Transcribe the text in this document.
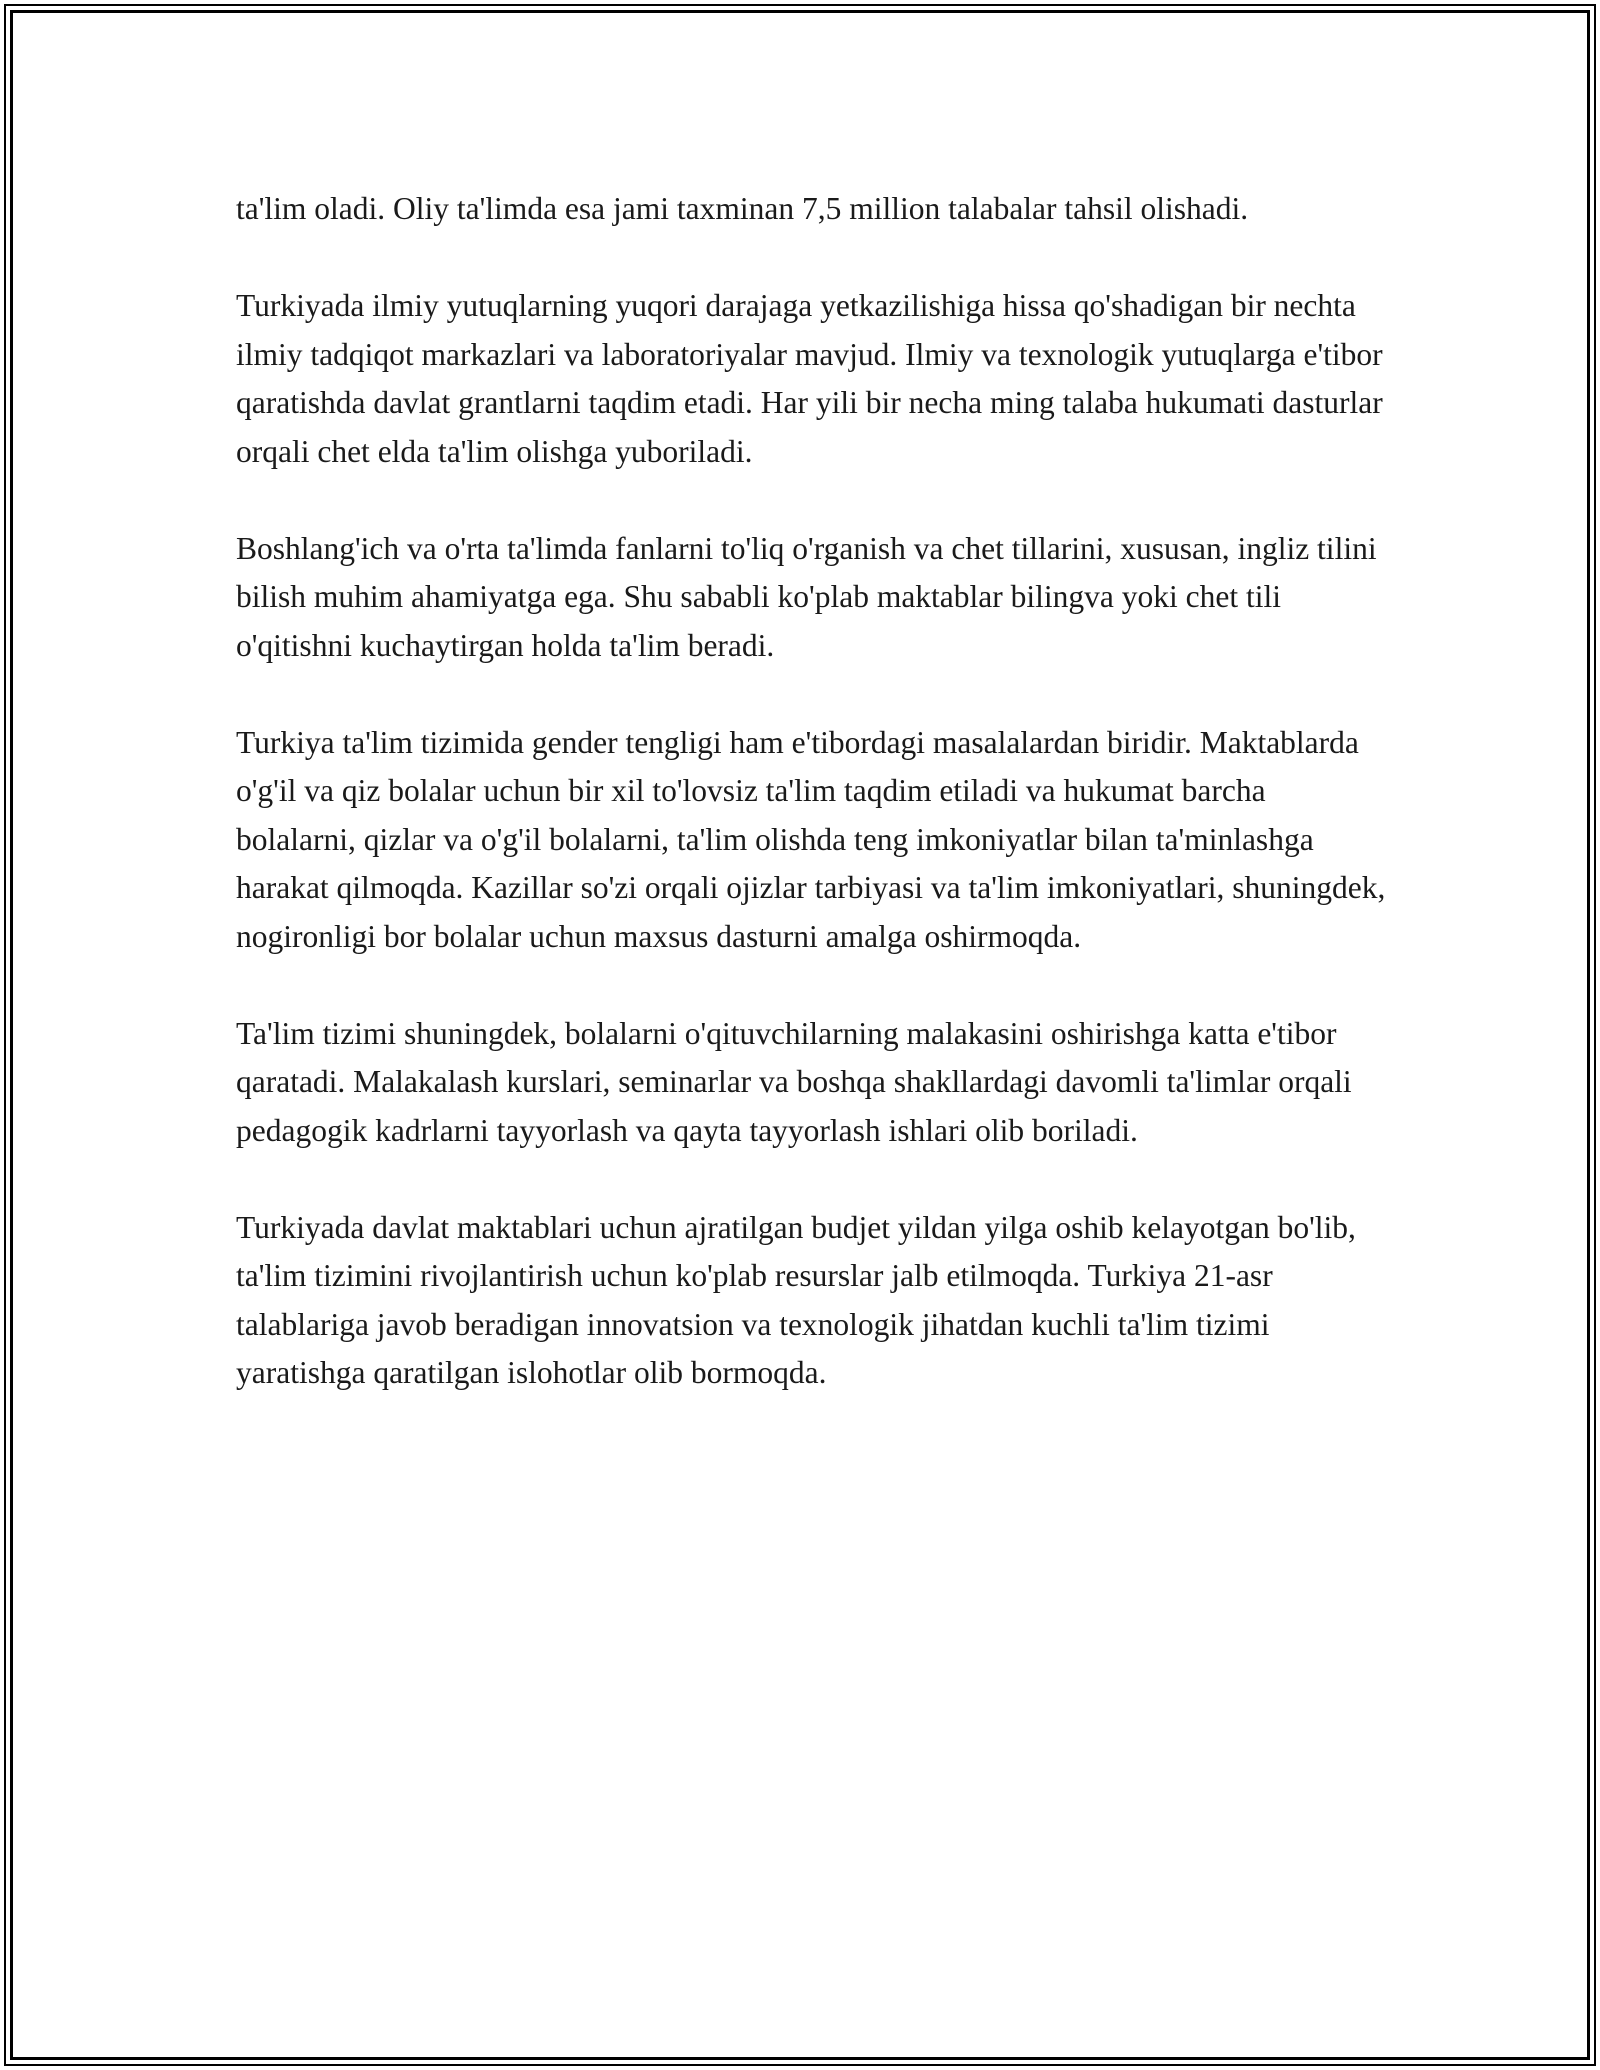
ta'lim oladi. Oliy ta'limda esa jami taxminan 7,5 million talabalar tahsil olishadi.

Turkiyada ilmiy yutuqlarning yuqori darajaga yetkazilishiga hissa qo'shadigan bir nechta ilmiy tadqiqot markazlari va laboratoriyalar mavjud. Ilmiy va texnologik yutuqlarga e'tibor qaratishda davlat grantlarni taqdim etadi. Har yili bir necha ming talaba hukumati dasturlar orqali chet elda ta'lim olishga yuboriladi.

Boshlang'ich va o'rta ta'limda fanlarni to'liq o'rganish va chet tillarini, xususan, ingliz tilini bilish muhim ahamiyatga ega. Shu sababli ko'plab maktablar bilingva yoki chet tili o'qitishni kuchaytirgan holda ta'lim beradi.

Turkiya ta'lim tizimida gender tengligi ham e'tibordagi masalalardan biridir. Maktablarda o'g'il va qiz bolalar uchun bir xil to'lovsiz ta'lim taqdim etiladi va hukumat barcha bolalarni, qizlar va o'g'il bolalarni, ta'lim olishda teng imkoniyatlar bilan ta'minlashga harakat qilmoqda. Kazillar so'zi orqali ojizlar tarbiyasi va ta'lim imkoniyatlari, shuningdek, nogironligi bor bolalar uchun maxsus dasturni amalga oshirmoqda.

Ta'lim tizimi shuningdek, bolalarni o'qituvchilarning malakasini oshirishga katta e'tibor qaratadi. Malakalash kurslari, seminarlar va boshqa shakllardagi davomli ta'limlar orqali pedagogik kadrlarni tayyorlash va qayta tayyorlash ishlari olib boriladi.

Turkiyada davlat maktablari uchun ajratilgan budjet yildan yilga oshib kelayotgan bo'lib, ta'lim tizimini rivojlantirish uchun ko'plab resurslar jalb etilmoqda. Turkiya 21-asr talablariga javob beradigan innovatsion va texnologik jihatdan kuchli ta'lim tizimi yaratishga qaratilgan islohotlar olib bormoqda.
